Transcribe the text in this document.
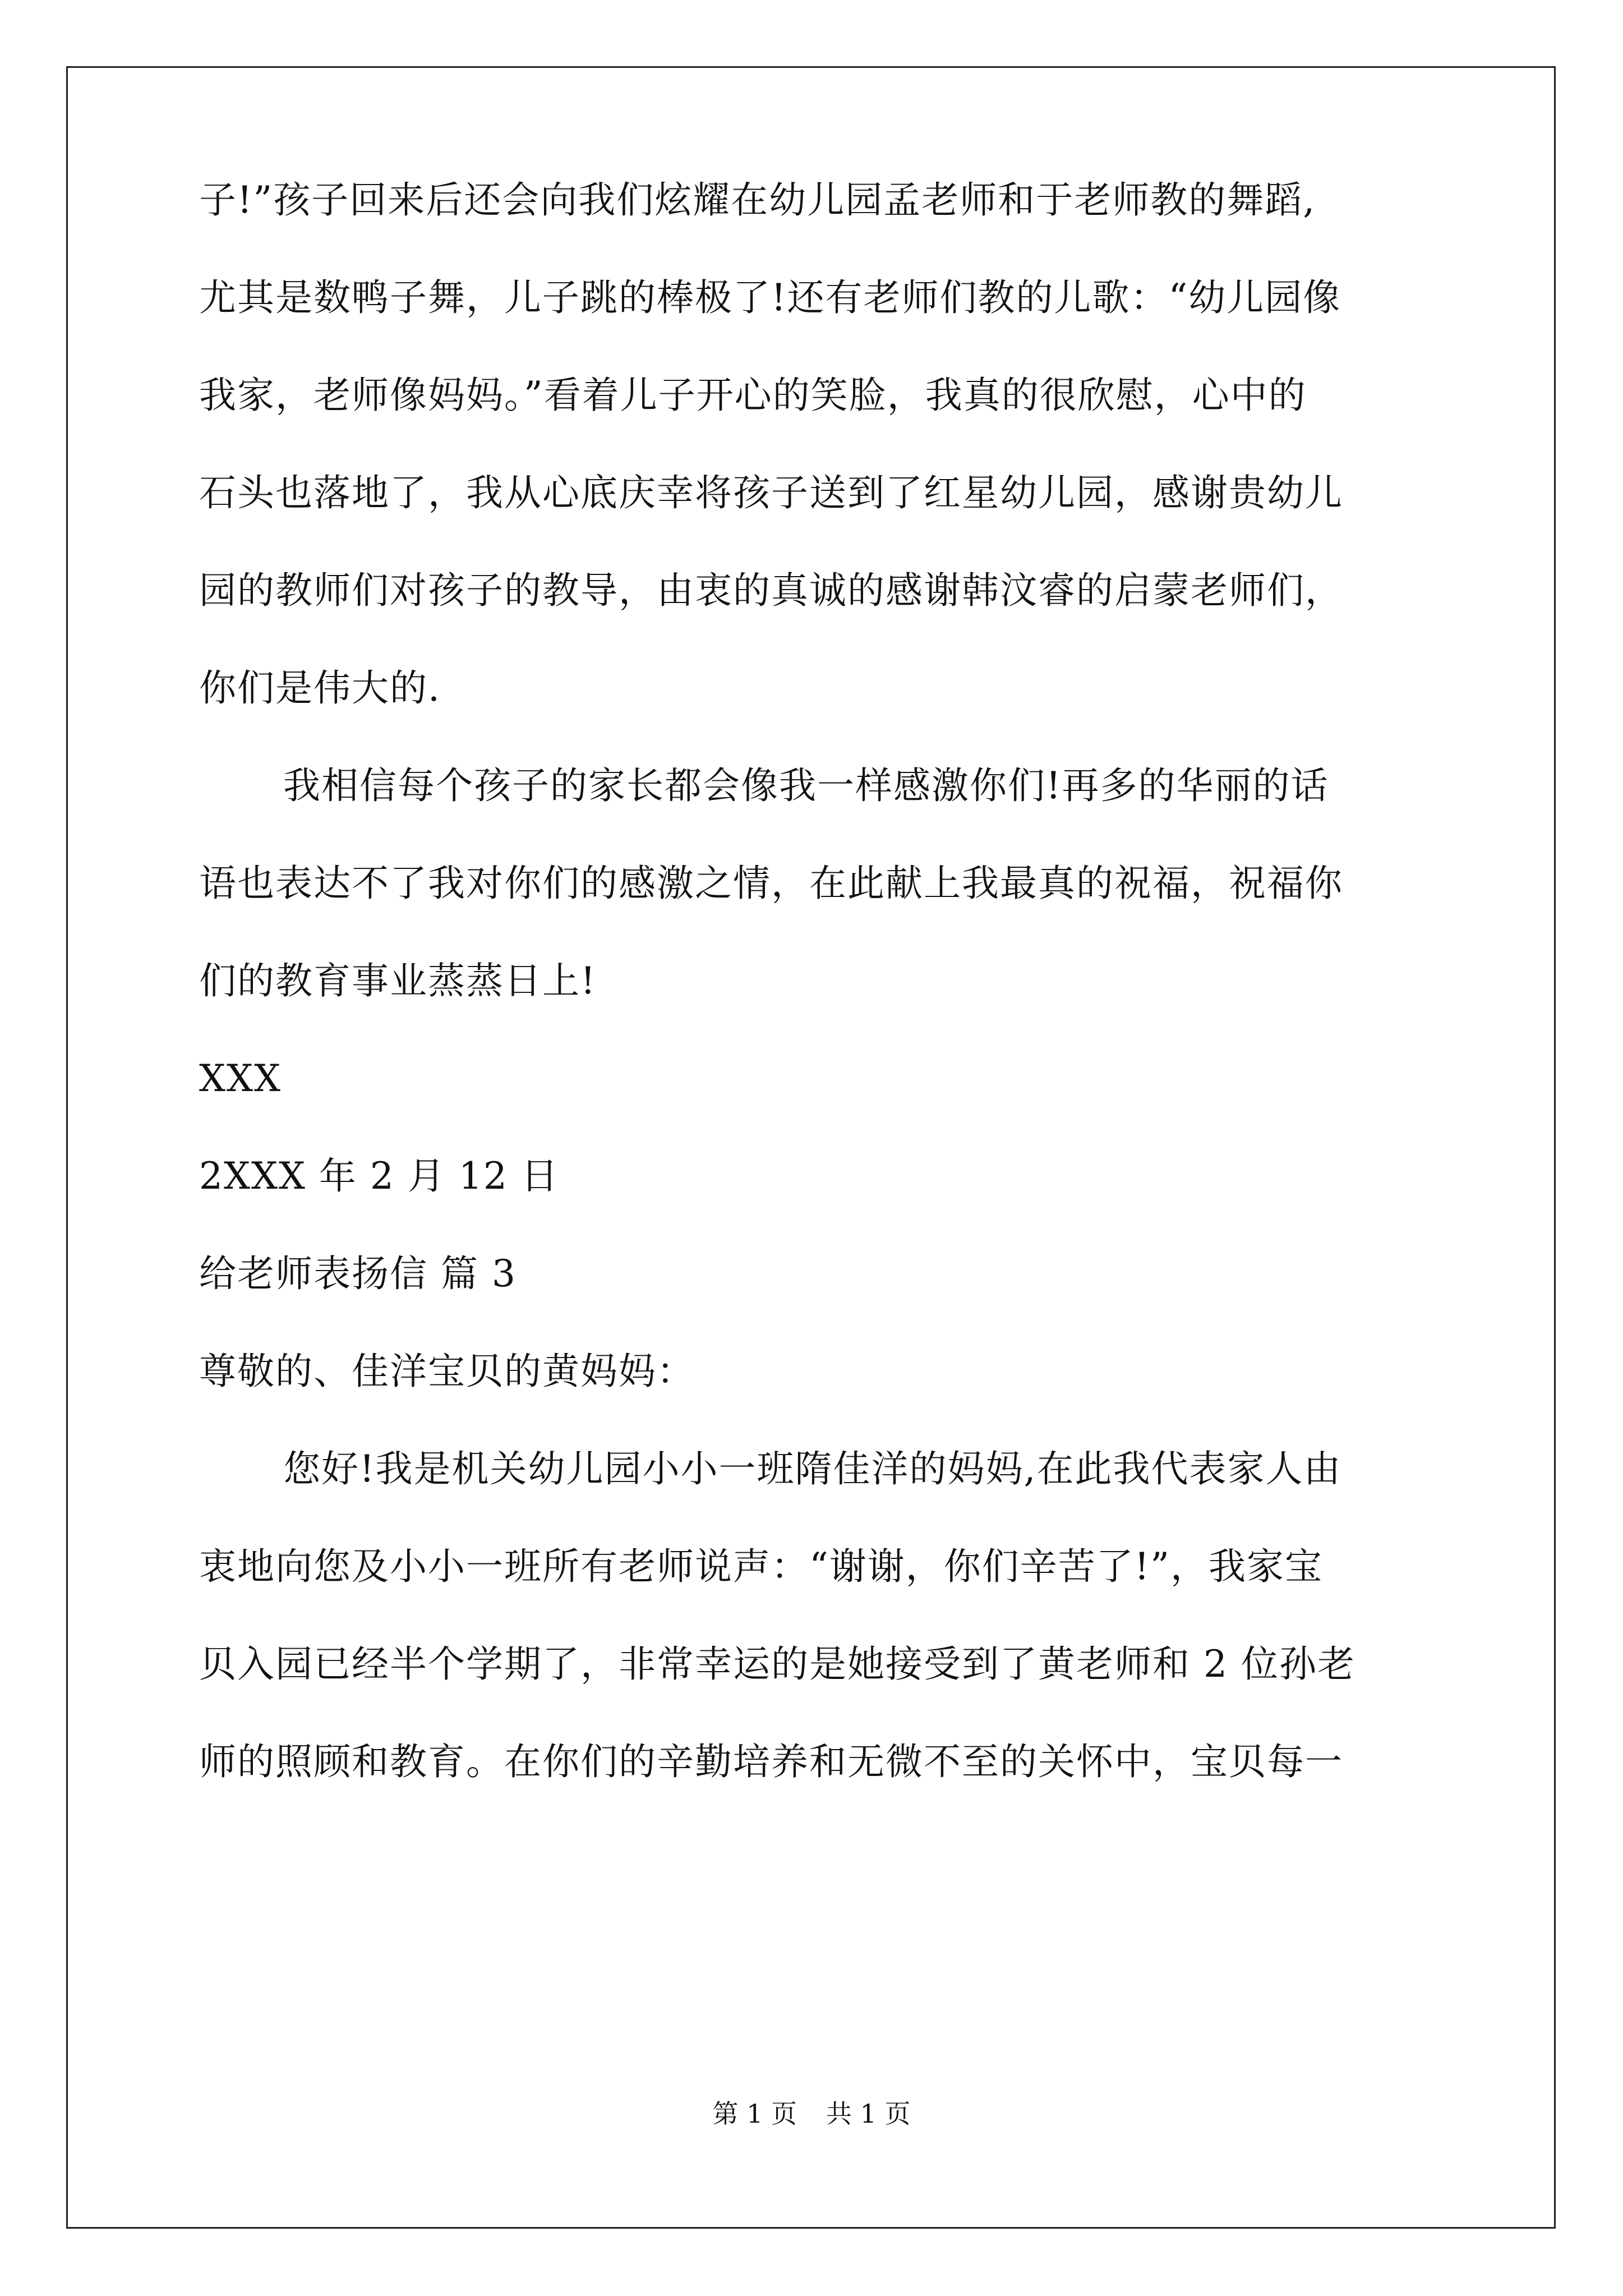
子!”孩子回来后还会向我们炫耀在幼儿园孟老师和于老师教的舞蹈,
尤其是数鸭子舞，儿子跳的棒极了!还有老师们教的儿歌：“幼儿园像
我家，老师像妈妈。”看着儿子开心的笑脸，我真的很欣慰，心中的
石头也落地了，我从心底庆幸将孩子送到了红星幼儿园，感谢贵幼儿
园的教师们对孩子的教导，由衷的真诚的感谢韩汶睿的启蒙老师们，
你们是伟大的.
我相信每个孩子的家长都会像我一样感激你们!再多的华丽的话
语也表达不了我对你们的感激之情，在此献上我最真的祝福，祝福你
们的教育事业蒸蒸日上!
XXX
2XXX 年 2 月 12 日
给老师表扬信 篇 3
尊敬的、佳洋宝贝的黄妈妈：
您好!我是机关幼儿园小小一班隋佳洋的妈妈,在此我代表家人由
衷地向您及小小一班所有老师说声：“谢谢，你们辛苦了!”，我家宝
贝入园已经半个学期了，非常幸运的是她接受到了黄老师和 2 位孙老
师的照顾和教育。在你们的辛勤培养和无微不至的关怀中，宝贝每一
第 1 页 共 1 页
